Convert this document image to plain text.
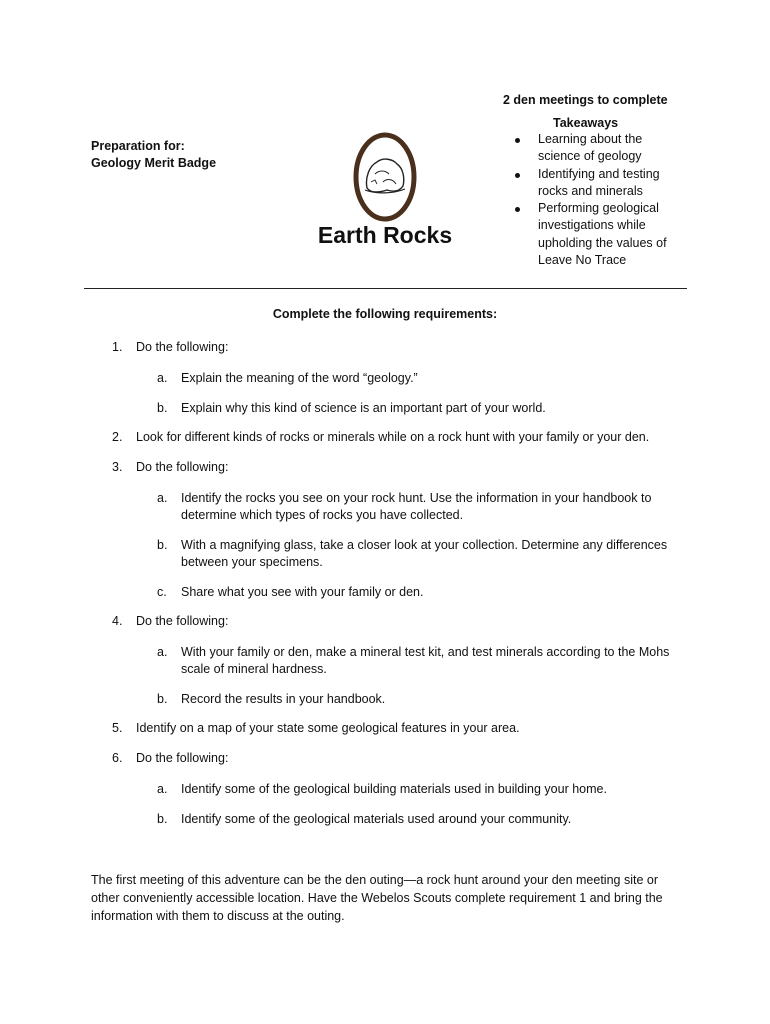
2 den meetings to complete
Preparation for:
Geology Merit Badge
Earth Rocks
Takeaways
Learning about the science of geology
Identifying and testing rocks and minerals
Performing geological investigations while upholding the values of Leave No Trace
Complete the following requirements:
1. Do the following:
a. Explain the meaning of the word “geology.”
b. Explain why this kind of science is an important part of your world.
2. Look for different kinds of rocks or minerals while on a rock hunt with your family or your den.
3. Do the following:
a. Identify the rocks you see on your rock hunt. Use the information in your handbook to determine which types of rocks you have collected.
b. With a magnifying glass, take a closer look at your collection. Determine any differences between your specimens.
c. Share what you see with your family or den.
4. Do the following:
a. With your family or den, make a mineral test kit, and test minerals according to the Mohs scale of mineral hardness.
b. Record the results in your handbook.
5. Identify on a map of your state some geological features in your area.
6. Do the following:
a. Identify some of the geological building materials used in building your home.
b. Identify some of the geological materials used around your community.
The first meeting of this adventure can be the den outing—a rock hunt around your den meeting site or other conveniently accessible location. Have the Webelos Scouts complete requirement 1 and bring the information with them to discuss at the outing.
